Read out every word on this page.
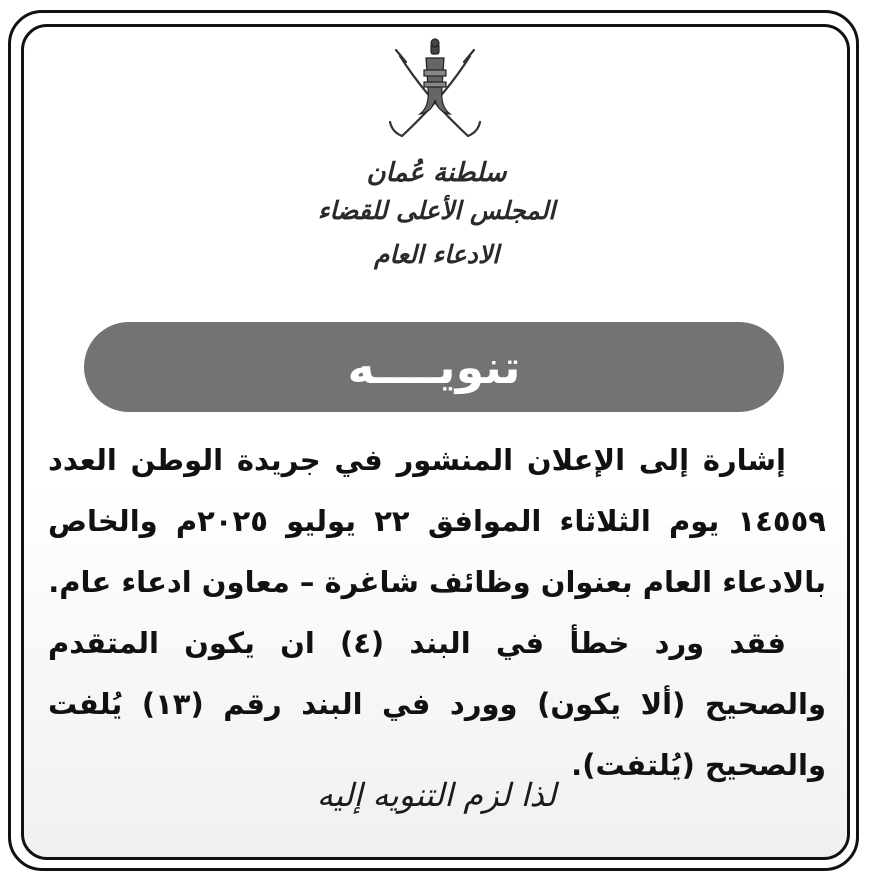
سلطنة عُمان
المجلس الأعلى للقضاء
الادعاء العام
تنويــــه

إشارة إلى الإعلان المنشور في جريدة الوطن العدد ١٤٥٥٩ يوم الثلاثاء الموافق ٢٢ يوليو ٢٠٢٥م والخاص بالادعاء العام بعنوان وظائف شاغرة – معاون ادعاء عام.

فقد ورد خطأ في البند (٤) ان يكون المتقدم والصحيح (ألا يكون) وورد في البند رقم (١٣) يُلفت والصحيح (يُلتفت).

لذا لزم التنويه إليه
